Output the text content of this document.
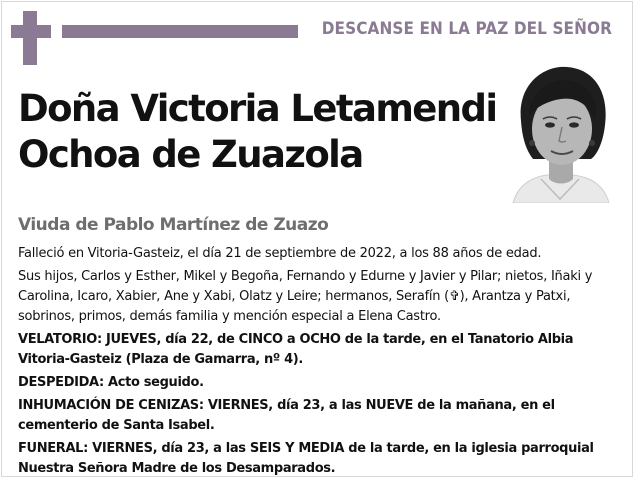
DESCANSE EN LA PAZ DEL SEÑOR
Doña Victoria Letamendi
Ochoa de Zuazola
Viuda de Pablo Martínez de Zuazo

Falleció en Vitoria-Gasteiz, el día 21 de septiembre de 2022, a los 88 años de edad.

Sus hijos, Carlos y Esther, Mikel y Begoña, Fernando y Edurne y Javier y Pilar; nietos, Iñaki y Carolina, Icaro, Xabier, Ane y Xabi, Olatz y Leire; hermanos, Serafín (✞), Arantza y Patxi, sobrinos, primos, demás familia y mención especial a Elena Castro.

VELATORIO: JUEVES, día 22, de CINCO a OCHO de la tarde, en el Tanatorio Albia Vitoria-Gasteiz (Plaza de Gamarra, nº 4).

DESPEDIDA: Acto seguido.

INHUMACIÓN DE CENIZAS: VIERNES, día 23, a las NUEVE de la mañana, en el cementerio de Santa Isabel.

FUNERAL: VIERNES, día 23, a las SEIS Y MEDIA de la tarde, en la iglesia parroquial Nuestra Señora Madre de los Desamparados.
